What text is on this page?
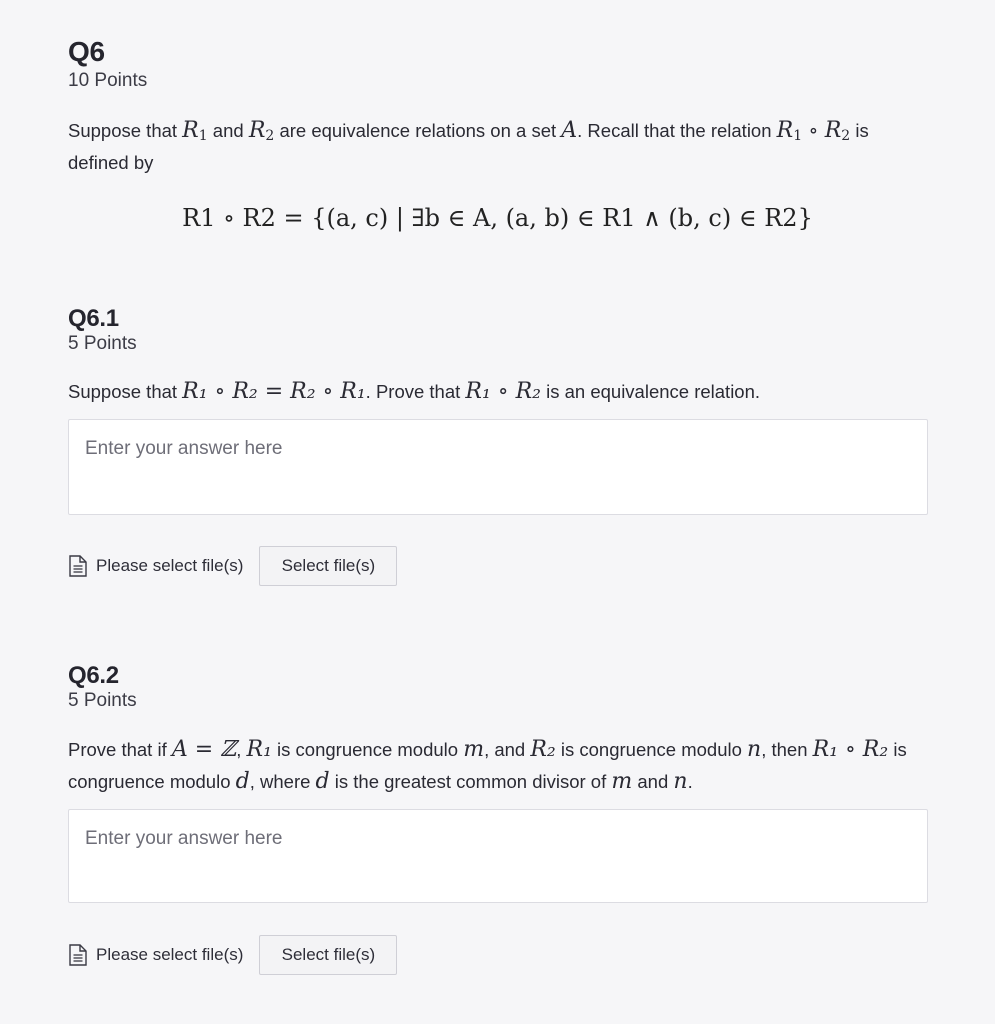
Q6

10 Points

Suppose that $R_1$ and $R_2$ are equivalence relations on a set A. Recall that the relation $R_1$ ∘ $R_2$ is defined by

R1 ∘ R2 = {(a, c) | ∃b ∈ A, (a, b) ∈ R1 ∧ (b, c) ∈ R2}

Q6.1

5 Points

Suppose that R₁ ∘ R₂ = R₂ ∘ R₁. Prove that R₁ ∘ R₂ is an equivalence relation.

Enter your answer here
Please select file(s)	Select file(s)
Q6.2

5 Points

Prove that if A = ℤ, R₁ is congruence modulo m, and R₂ is congruence modulo n, then R₁ ∘ R₂ is congruence modulo d, where d is the greatest common divisor of m and n.

Enter your answer here
Please select file(s)	Select file(s)
